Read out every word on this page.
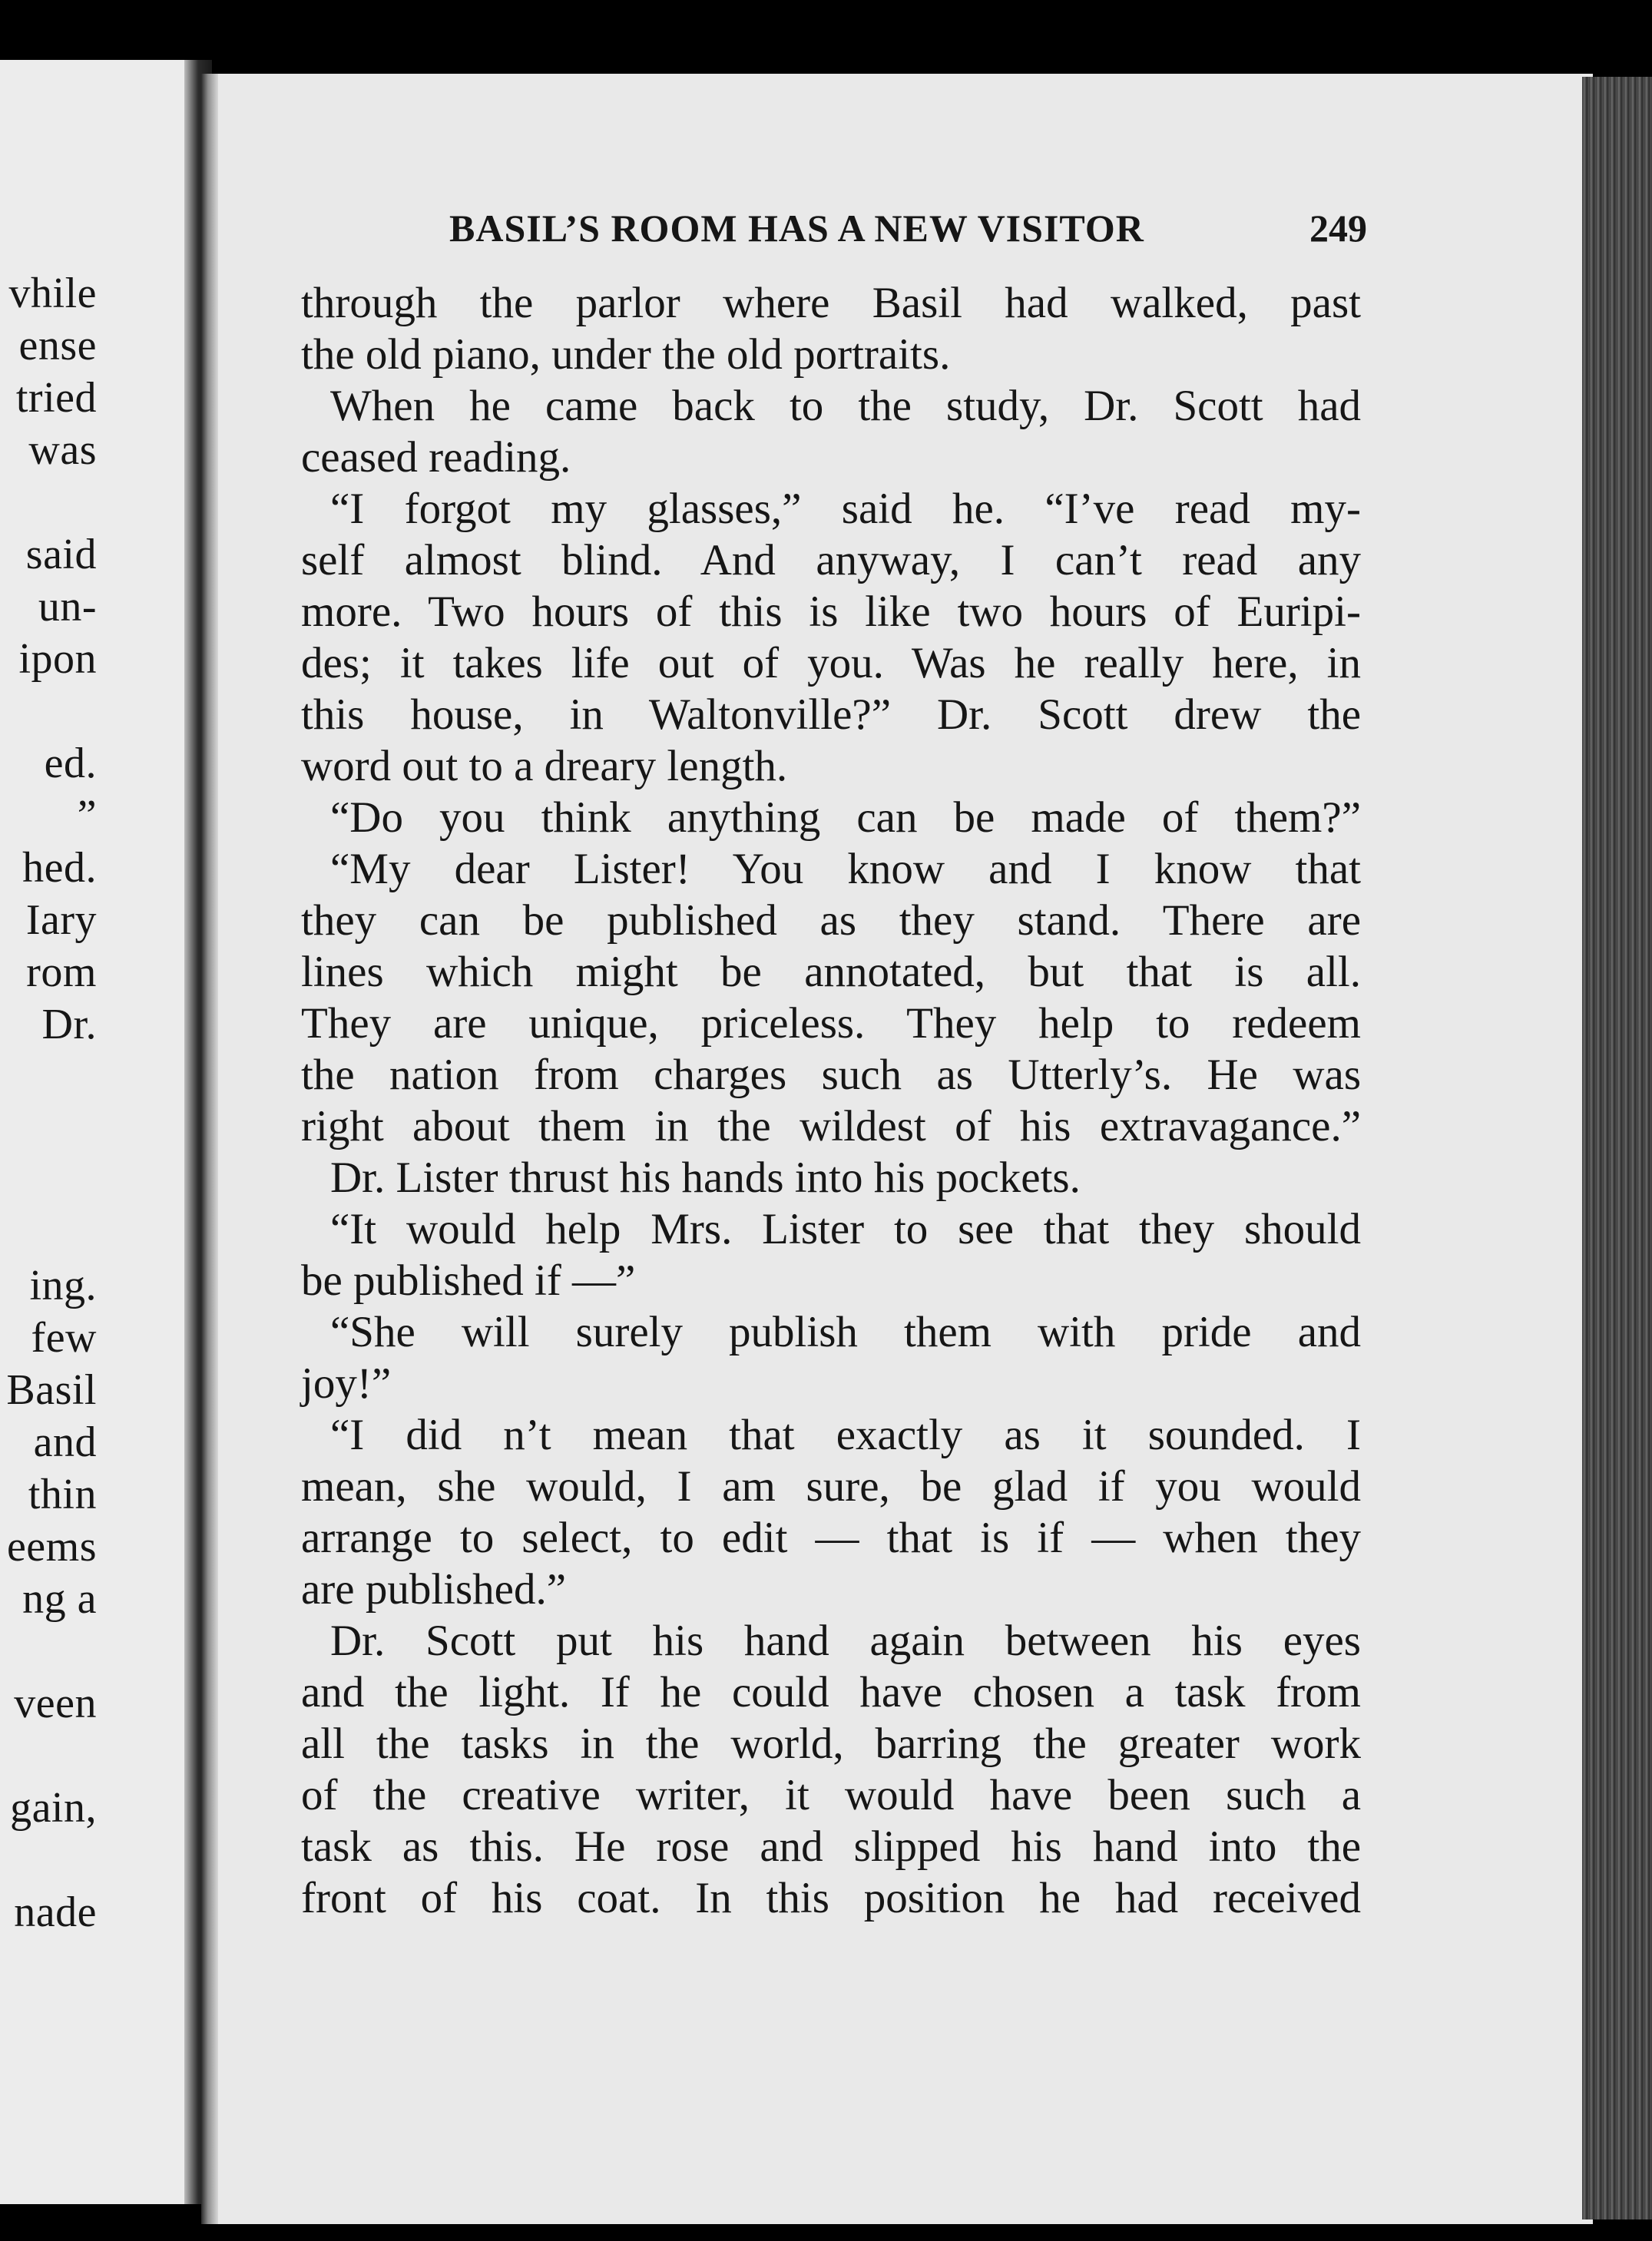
vhile
ense
tried
was
said
un-
ipon
ed.
”
hed.
Iary
rom
Dr.
ing.
few
Basil
and
thin
eems
ng a
veen
gain,
nade
BASIL’S ROOM HAS A NEW VISITOR	249
through the parlor where Basil had walked, past
the old piano, under the old portraits.
When he came back to the study, Dr. Scott had
ceased reading.
“I forgot my glasses,” said he. “I’ve read my-
self almost blind. And anyway, I can’t read any
more. Two hours of this is like two hours of Euripi-
des; it takes life out of you. Was he really here, in
this house, in Waltonville?” Dr. Scott drew the
word out to a dreary length.
“Do you think anything can be made of them?”
“My dear Lister! You know and I know that
they can be published as they stand. There are
lines which might be annotated, but that is all.
They are unique, priceless. They help to redeem
the nation from charges such as Utterly’s. He was
right about them in the wildest of his extravagance.”
Dr. Lister thrust his hands into his pockets.
“It would help Mrs. Lister to see that they should
be published if —”
“She will surely publish them with pride and
joy!”
“I did n’t mean that exactly as it sounded. I
mean, she would, I am sure, be glad if you would
arrange to select, to edit — that is if — when they
are published.”
Dr. Scott put his hand again between his eyes
and the light. If he could have chosen a task from
all the tasks in the world, barring the greater work
of the creative writer, it would have been such a
task as this. He rose and slipped his hand into the
front of his coat. In this position he had received
